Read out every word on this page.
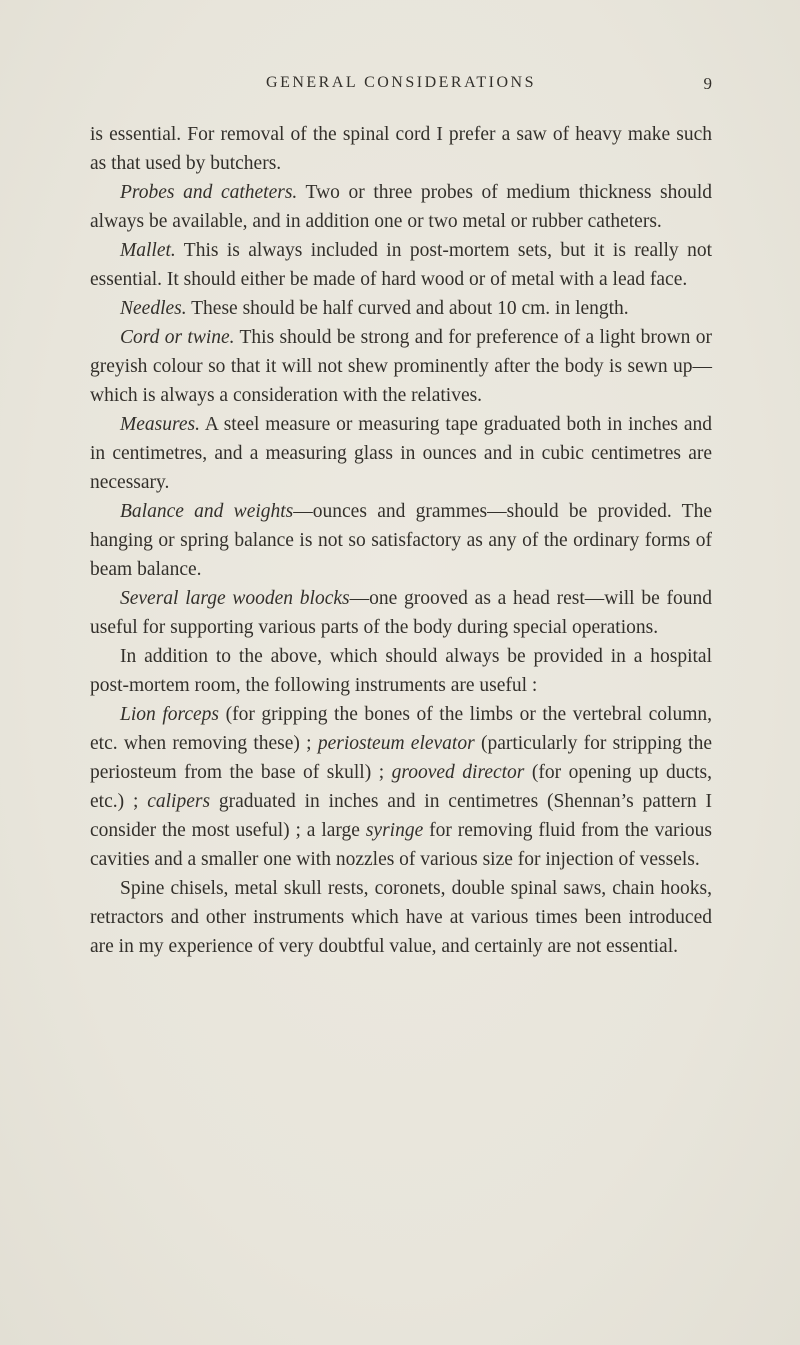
GENERAL CONSIDERATIONS	9

is essential. For removal of the spinal cord I prefer a saw of heavy make such as that used by butchers.

Probes and catheters. Two or three probes of medium thickness should always be available, and in addition one or two metal or rubber catheters.

Mallet. This is always included in post-mortem sets, but it is really not essential. It should either be made of hard wood or of metal with a lead face.

Needles. These should be half curved and about 10 cm. in length.

Cord or twine. This should be strong and for preference of a light brown or greyish colour so that it will not shew prominently after the body is sewn up—which is always a consideration with the relatives.

Measures. A steel measure or measuring tape graduated both in inches and in centimetres, and a measuring glass in ounces and in cubic centimetres are necessary.

Balance and weights—ounces and grammes—should be provided. The hanging or spring balance is not so satisfactory as any of the ordinary forms of beam balance.

Several large wooden blocks—one grooved as a head rest—will be found useful for supporting various parts of the body during special operations.

In addition to the above, which should always be provided in a hospital post-mortem room, the following instruments are useful :

Lion forceps (for gripping the bones of the limbs or the vertebral column, etc. when removing these) ; periosteum elevator (particularly for stripping the periosteum from the base of skull) ; grooved director (for opening up ducts, etc.) ; calipers graduated in inches and in centimetres (Shennan’s pattern I consider the most useful) ; a large syringe for removing fluid from the various cavities and a smaller one with nozzles of various size for injection of vessels.

Spine chisels, metal skull rests, coronets, double spinal saws, chain hooks, retractors and other instruments which have at various times been introduced are in my experience of very doubtful value, and certainly are not essential.
